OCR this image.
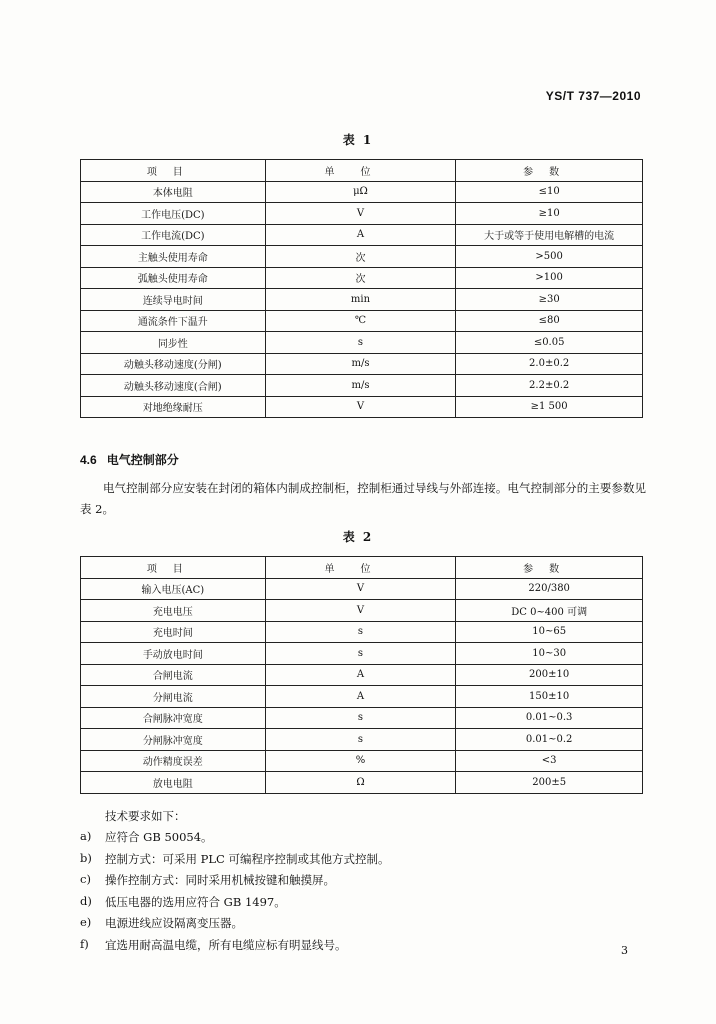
YS/T 737—2010
表 1
项目	单位	参数
本体电阻	μΩ	≤10
工作电压(DC)	V	≥10
工作电流(DC)	A	大于或等于使用电解槽的电流
主触头使用寿命	次	>500
弧触头使用寿命	次	>100
连续导电时间	min	≥30
通流条件下温升	℃	≤80
同步性	s	≤0.05
动触头移动速度(分闸)	m/s	2.0±0.2
动触头移动速度(合闸)	m/s	2.2±0.2
对地绝缘耐压	V	≥1 500
4.6 电气控制部分
电气控制部分应安装在封闭的箱体内制成控制柜，控制柜通过导线与外部连接。电气控制部分的主要参数见表 2。
表 2
项目	单位	参数
输入电压(AC)	V	220/380
充电电压	V	DC 0~400 可调
充电时间	s	10~65
手动放电时间	s	10~30
合闸电流	A	200±10
分闸电流	A	150±10
合闸脉冲宽度	s	0.01~0.3
分闸脉冲宽度	s	0.01~0.2
动作精度误差	%	<3
放电电阻	Ω	200±5
技术要求如下：
a)	应符合 GB 50054。
b)	控制方式：可采用 PLC 可编程序控制或其他方式控制。
c)	操作控制方式：同时采用机械按键和触摸屏。
d)	低压电器的选用应符合 GB 1497。
e)	电源进线应设隔离变压器。
f)	宜选用耐高温电缆，所有电缆应标有明显线号。	3
